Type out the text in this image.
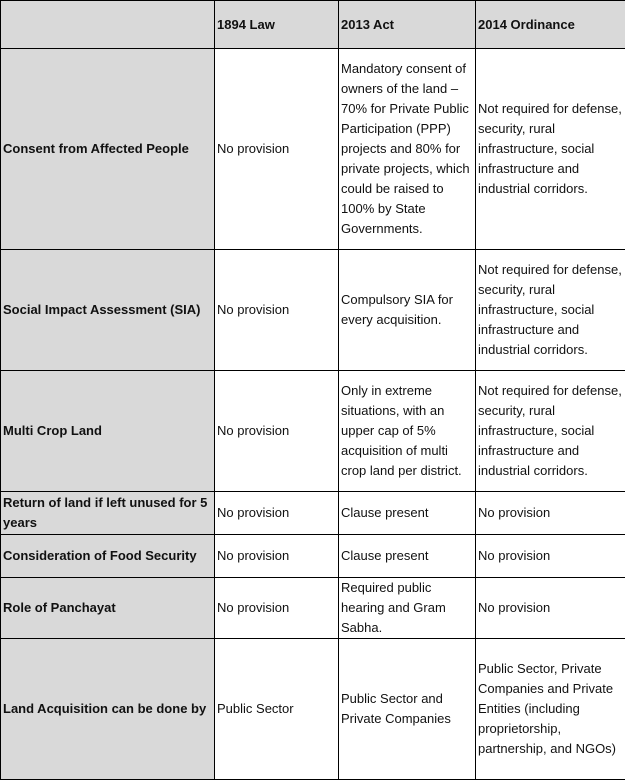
	1894 Law	2013 Act	2014 Ordinance
Consent from Affected People	No provision	Mandatory consent of owners of the land – 70% for Private Public Participation (PPP) projects and 80% for private projects, which could be raised to 100% by State Governments.	Not required for defense, security, rural infrastructure, social infrastructure and industrial corridors.
Social Impact Assessment (SIA)	No provision	Compulsory SIA for every acquisition.	Not required for defense, security, rural infrastructure, social infrastructure and industrial corridors.
Multi Crop Land	No provision	Only in extreme situations, with an upper cap of 5% acquisition of multi crop land per district.	Not required for defense, security, rural infrastructure, social infrastructure and industrial corridors.
Return of land if left unused for 5 years	No provision	Clause present	No provision
Consideration of Food Security	No provision	Clause present	No provision
Role of Panchayat	No provision	Required public hearing and Gram Sabha.	No provision
Land Acquisition can be done by	Public Sector	Public Sector and Private Companies	Public Sector, Private Companies and Private Entities (including proprietorship, partnership, and NGOs)
